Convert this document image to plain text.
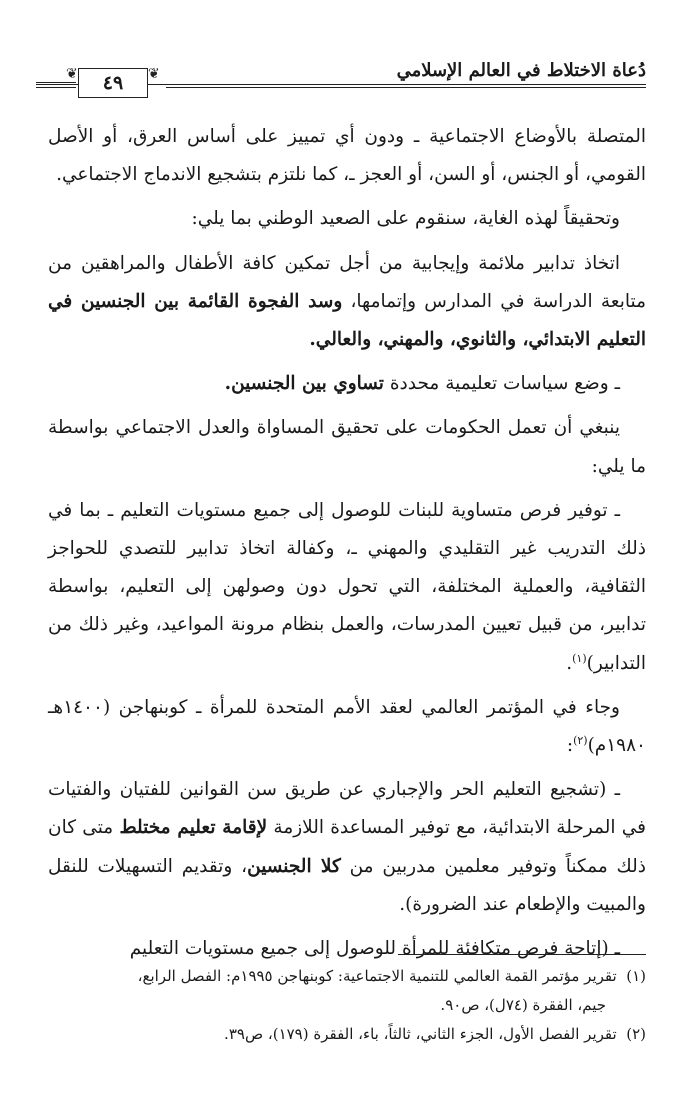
❦	٤٩	❦	دُعاة الاختلاط في العالم الإسلامي

المتصلة بالأوضاع الاجتماعية ـ ودون أي تمييز على أساس العرق، أو الأصل القومي، أو الجنس، أو السن، أو العجز ـ، كما نلتزم بتشجيع الاندماج الاجتماعي.

وتحقيقاً لهذه الغاية، سنقوم على الصعيد الوطني بما يلي:

اتخاذ تدابير ملائمة وإيجابية من أجل تمكين كافة الأطفال والمراهقين من متابعة الدراسة في المدارس وإتمامها، وسد الفجوة القائمة بين الجنسين في التعليم الابتدائي، والثانوي، والمهني، والعالي.

ـ وضع سياسات تعليمية محددة تساوي بين الجنسين.

ينبغي أن تعمل الحكومات على تحقيق المساواة والعدل الاجتماعي بواسطة ما يلي:

ـ توفير فرص متساوية للبنات للوصول إلى جميع مستويات التعليم ـ بما في ذلك التدريب غير التقليدي والمهني ـ، وكفالة اتخاذ تدابير للتصدي للحواجز الثقافية، والعملية المختلفة، التي تحول دون وصولهن إلى التعليم، بواسطة تدابير، من قبيل تعيين المدرسات، والعمل بنظام مرونة المواعيد، وغير ذلك من التدابير)$^{(١)}$.

وجاء في المؤتمر العالمي لعقد الأمم المتحدة للمرأة ـ كوبنهاجن (١٤٠٠هـ ١٩٨٠م)$^{(٢)}$:

ـ (تشجيع التعليم الحر والإجباري عن طريق سن القوانين للفتيان والفتيات في المرحلة الابتدائية، مع توفير المساعدة اللازمة لإقامة تعليم مختلط متى كان ذلك ممكناً وتوفير معلمين مدربين من كلا الجنسين، وتقديم التسهيلات للنقل والمبيت والإطعام عند الضرورة).

ـ (إتاحة فرص متكافئة للمرأة للوصول إلى جميع مستويات التعليم

(١)  تقرير مؤتمر القمة العالمي للتنمية الاجتماعية: كوبنهاجن ١٩٩٥م: الفصل الرابع،

جيم، الفقرة (٧٤ل)، ص٩٠.

(٢)  تقرير الفصل الأول، الجزء الثاني، ثالثاً، باء، الفقرة (١٧٩)، ص٣٩.
